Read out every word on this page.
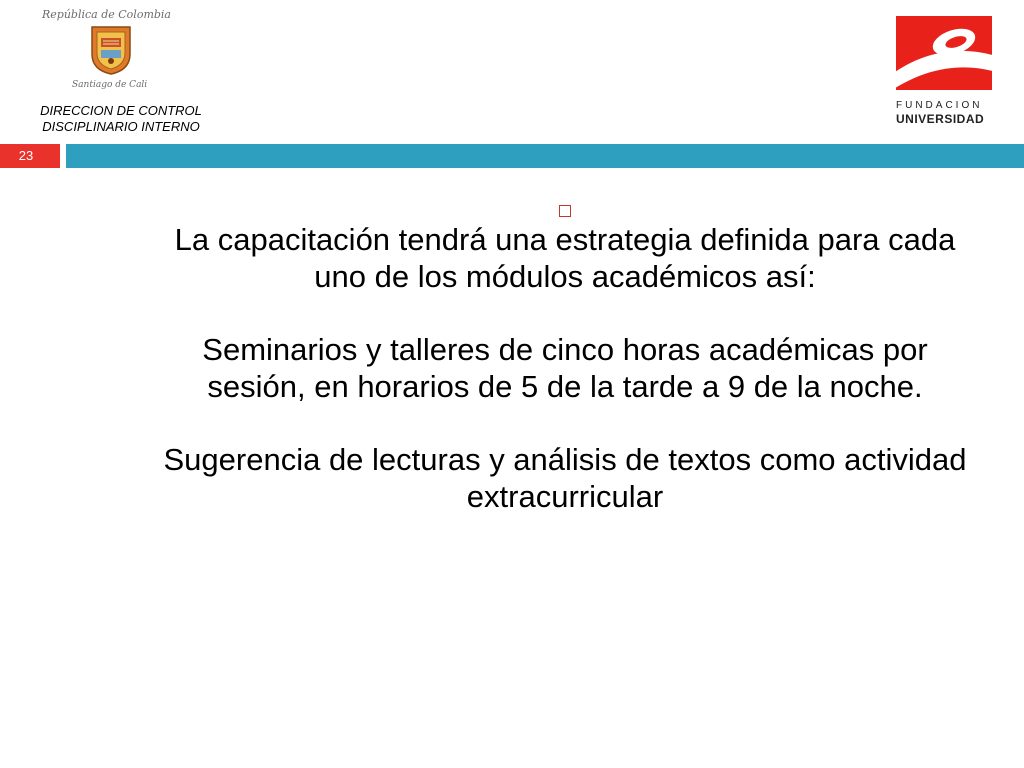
República de Colombia
Santiago de Cali
DIRECCION DE CONTROL
DISCIPLINARIO INTERNO
FUNDACION
UNIVERSIDAD
23

La capacitación tendrá una estrategia definida para cada uno de los módulos académicos así:

Seminarios y talleres de cinco horas académicas por sesión, en horarios de 5 de la tarde a 9 de la noche.

Sugerencia de lecturas y análisis de textos como actividad extracurricular
